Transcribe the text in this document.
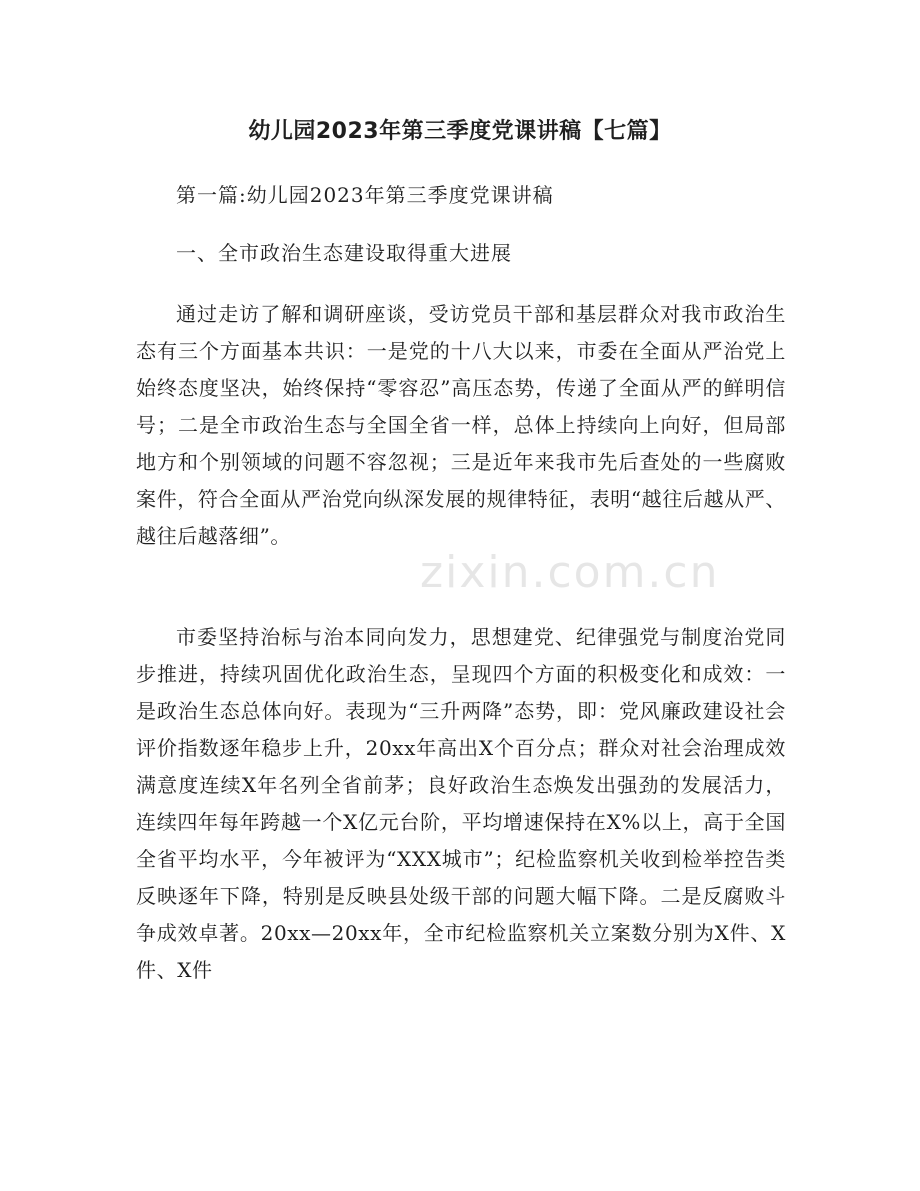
幼儿园2023年第三季度党课讲稿【七篇】
第一篇:幼儿园2023年第三季度党课讲稿
一、全市政治生态建设取得重大进展

通过走访了解和调研座谈，受访党员干部和基层群众对我市政治生态有三个方面基本共识：一是党的十八大以来，市委在全面从严治党上始终态度坚决，始终保持“零容忍”高压态势，传递了全面从严的鲜明信号；二是全市政治生态与全国全省一样，总体上持续向上向好，但局部地方和个别领域的问题不容忽视；三是近年来我市先后查处的一些腐败案件，符合全面从严治党向纵深发展的规律特征，表明“越往后越从严、越往后越落细”。

市委坚持治标与治本同向发力，思想建党、纪律强党与制度治党同步推进，持续巩固优化政治生态，呈现四个方面的积极变化和成效：一是政治生态总体向好。表现为“三升两降”态势，即：党风廉政建设社会评价指数逐年稳步上升，20xx年高出X个百分点；群众对社会治理成效满意度连续X年名列全省前茅；良好政治生态焕发出强劲的发展活力，连续四年每年跨越一个X亿元台阶，平均增速保持在X%以上，高于全国全省平均水平，今年被评为“XXX城市”；纪检监察机关收到检举控告类反映逐年下降，特别是反映县处级干部的问题大幅下降。二是反腐败斗争成效卓著。20xx—20xx年，全市纪检监察机关立案数分别为X件、X件、X件

zixin.com.cn
